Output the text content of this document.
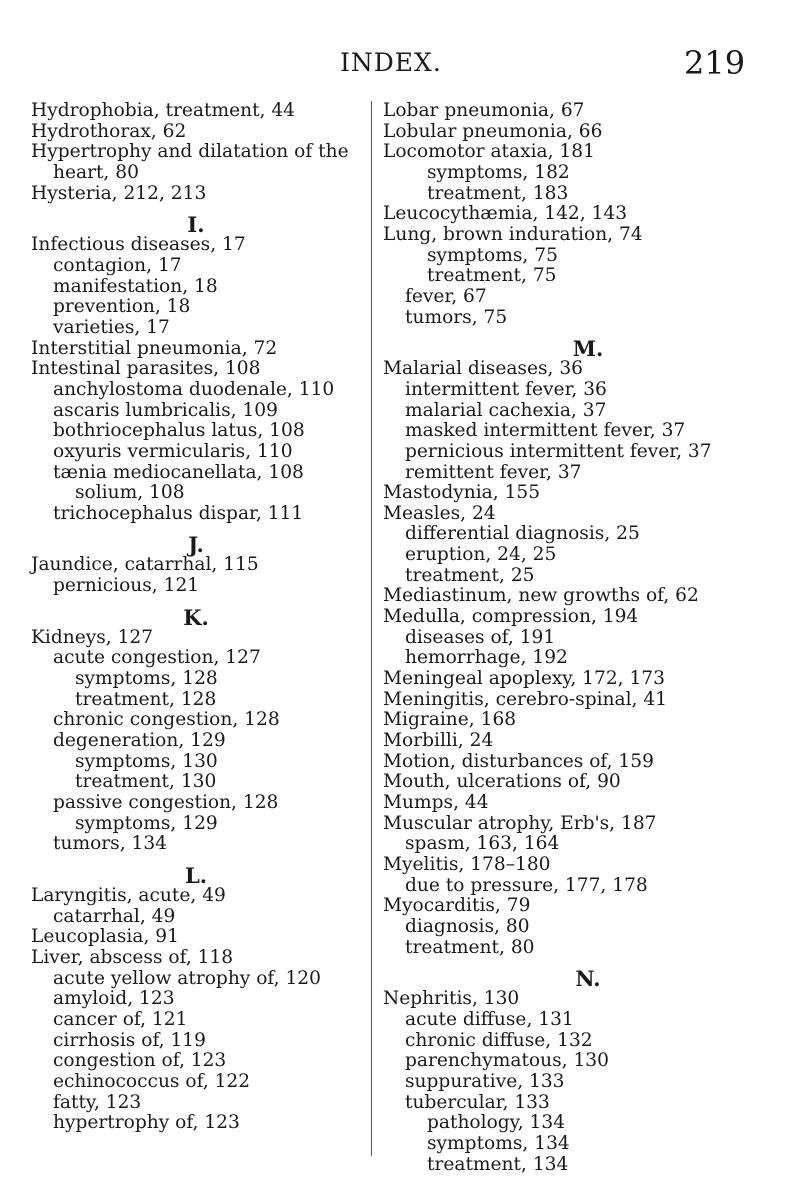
INDEX.	219
Hydrophobia, treatment, 44
Hydrothorax, 62
Hypertrophy and dilatation of the
heart, 80
Hysteria, 212, 213
I.
Infectious diseases, 17
contagion, 17
manifestation, 18
prevention, 18
varieties, 17
Interstitial pneumonia, 72
Intestinal parasites, 108
anchylostoma duodenale, 110
ascaris lumbricalis, 109
bothriocephalus latus, 108
oxyuris vermicularis, 110
tænia mediocanellata, 108
solium, 108
trichocephalus dispar, 111
J.
Jaundice, catarrhal, 115
pernicious, 121
K.
Kidneys, 127
acute congestion, 127
symptoms, 128
treatment, 128
chronic congestion, 128
degeneration, 129
symptoms, 130
treatment, 130
passive congestion, 128
symptoms, 129
tumors, 134
L.
Laryngitis, acute, 49
catarrhal, 49
Leucoplasia, 91
Liver, abscess of, 118
acute yellow atrophy of, 120
amyloid, 123
cancer of, 121
cirrhosis of, 119
congestion of, 123
echinococcus of, 122
fatty, 123
hypertrophy of, 123
Lobar pneumonia, 67
Lobular pneumonia, 66
Locomotor ataxia, 181
symptoms, 182
treatment, 183
Leucocythæmia, 142, 143
Lung, brown induration, 74
symptoms, 75
treatment, 75
fever, 67
tumors, 75
M.
Malarial diseases, 36
intermittent fever, 36
malarial cachexia, 37
masked intermittent fever, 37
pernicious intermittent fever, 37
remittent fever, 37
Mastodynia, 155
Measles, 24
differential diagnosis, 25
eruption, 24, 25
treatment, 25
Mediastinum, new growths of, 62
Medulla, compression, 194
diseases of, 191
hemorrhage, 192
Meningeal apoplexy, 172, 173
Meningitis, cerebro-spinal, 41
Migraine, 168
Morbilli, 24
Motion, disturbances of, 159
Mouth, ulcerations of, 90
Mumps, 44
Muscular atrophy, Erb's, 187
spasm, 163, 164
Myelitis, 178–180
due to pressure, 177, 178
Myocarditis, 79
diagnosis, 80
treatment, 80
N.
Nephritis, 130
acute diffuse, 131
chronic diffuse, 132
parenchymatous, 130
suppurative, 133
tubercular, 133
pathology, 134
symptoms, 134
treatment, 134
